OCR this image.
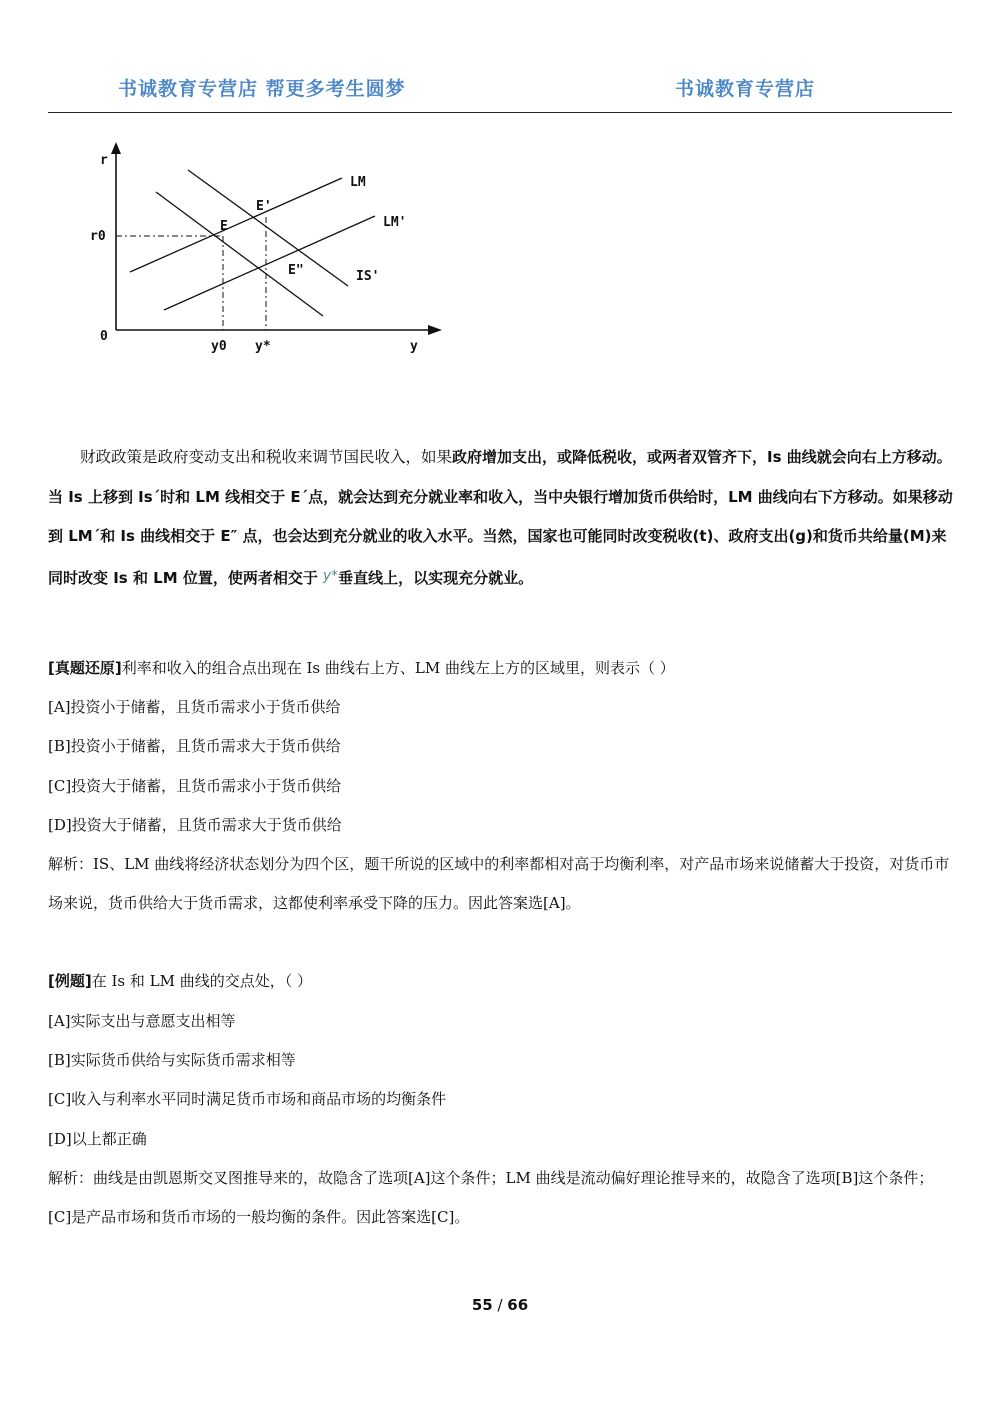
书诚教育专营店 帮更多考生圆梦	书诚教育专营店
r
r0
0
y
y0 y*
LM
LM'
IS'
E
E'
E"

财政政策是政府变动支出和税收来调节国民收入，如果政府增加支出，或降低税收，或两者双管齐下，Is 曲线就会向右上方移动。当 Is 上移到 Is´时和 LM 线相交于 E´点，就会达到充分就业率和收入，当中央银行增加货币供给时，LM 曲线向右下方移动。如果移动到 LM´和 Is 曲线相交于 E″ 点，也会达到充分就业的收入水平。当然，国家也可能同时改变税收(t)、政府支出(g)和货币共给量(M)来同时改变 Is 和 LM 位置，使两者相交于 y*垂直线上，以实现充分就业。

[真题还原]利率和收入的组合点出现在 Is 曲线右上方、LM 曲线左上方的区域里，则表示（ ）
[A]投资小于储蓄，且货币需求小于货币供给
[B]投资小于储蓄，且货币需求大于货币供给
[C]投资大于储蓄，且货币需求小于货币供给
[D]投资大于储蓄，且货币需求大于货币供给

解析：IS、LM 曲线将经济状态划分为四个区，题干所说的区域中的利率都相对高于均衡利率，对产品市场来说储蓄大于投资，对货币市场来说，货币供给大于货币需求，这都使利率承受下降的压力。因此答案选[A]。

[例题]在 Is 和 LM 曲线的交点处，（ ）
[A]实际支出与意愿支出相等
[B]实际货币供给与实际货币需求相等
[C]收入与利率水平同时满足货币市场和商品市场的均衡条件
[D]以上都正确

解析：曲线是由凯恩斯交叉图推导来的，故隐含了选项[A]这个条件；LM 曲线是流动偏好理论推导来的，故隐含了选项[B]这个条件；[C]是产品市场和货币市场的一般均衡的条件。因此答案选[C]。

55 / 66
